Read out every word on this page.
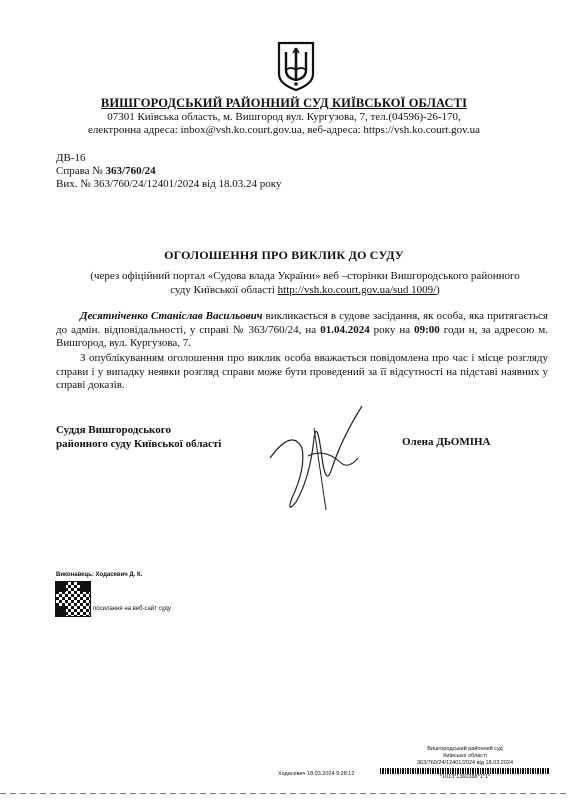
ВИШГОРОДСЬКИЙ РАЙОННИЙ СУД КИЇВСЬКОЇ ОБЛАСТІ
07301 Київська область, м. Вишгород вул. Кургузова, 7, тел.(04596)-26-170,
електронна адреса: inbox@vsh.ko.court.gov.ua, веб-адреса: https://vsh.ko.court.gov.ua
ДВ-16
Справа № 363/760/24
Вих. № 363/760/24/12401/2024 від 18.03.24 року
ОГОЛОШЕННЯ ПРО ВИКЛИК ДО СУДУ
(через офіційний портал «Судова влада України» веб –сторінки Вишгородського районного
суду Київської області http://vsh.ko.court.gov.ua/sud 1009/)
Десятніченко Станіслав Васильович викликається в судове засідання, як особа, яка притягається до адмін. відповідальності, у справі № 363/760/24, на 01.04.2024 року на 09:00 годи н, за адресою м. Вишгород, вул. Кургузова, 7.
З опублікуванням оголошення про виклик особа вважається повідомлена про час і місце розгляду справи і у випадку неявки розгляд справи може бути проведений за її відсутності на підставі наявних у справі доказів.
Суддя Вишгородського
районного суду Київської області	Олена ДЬОМІНА
Виконавець: Ходасевич Д. К.
посилання на веб-сайт суду
Вишгородський районний суд
Київської області
363/760/24/12401/2024 від 18.03.2024
*1013*1360388*1*1*
Ходасевич 18.03.2024 9:28:12
